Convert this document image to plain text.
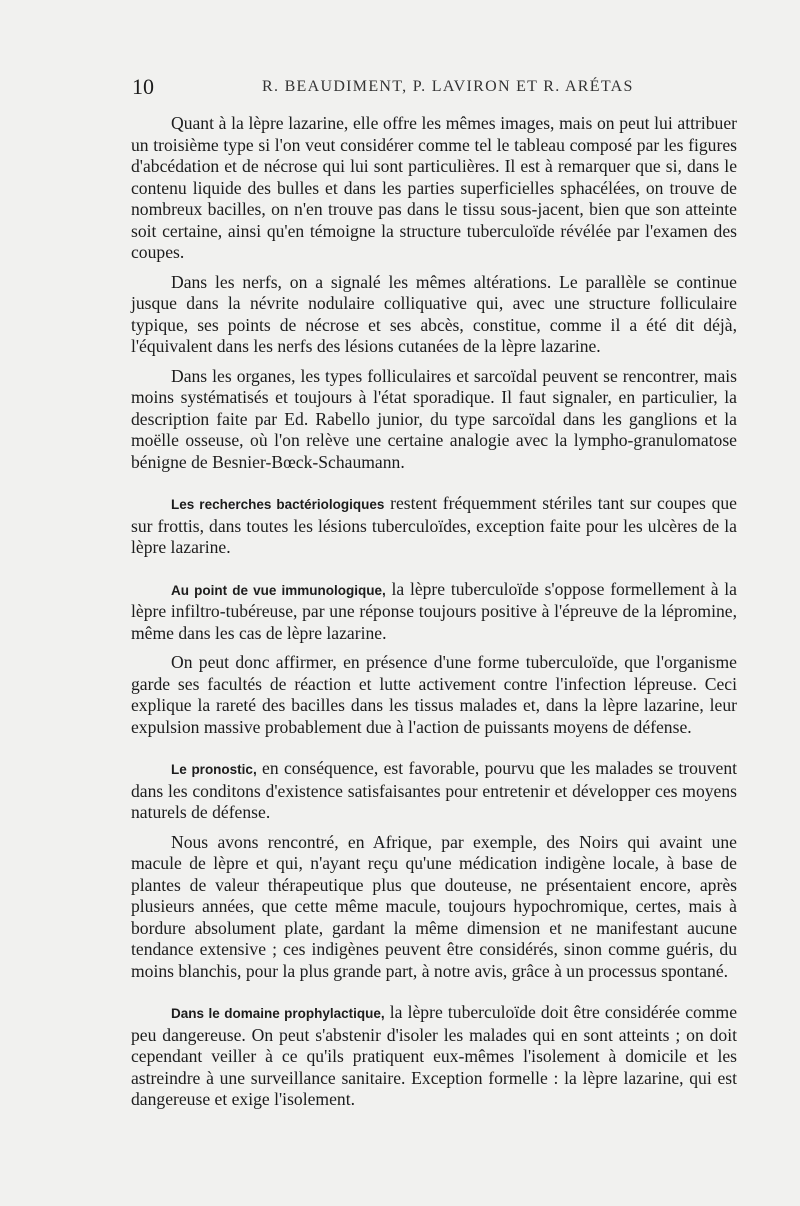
10	R. BEAUDIMENT, P. LAVIRON ET R. ARÉTAS

Quant à la lèpre lazarine, elle offre les mêmes images, mais on peut lui attribuer un troisième type si l'on veut considérer comme tel le tableau composé par les figures d'abcédation et de nécrose qui lui sont particulières. Il est à remarquer que si, dans le contenu liquide des bulles et dans les parties superficielles sphacélées, on trouve de nombreux bacilles, on n'en trouve pas dans le tissu sous-jacent, bien que son atteinte soit certaine, ainsi qu'en témoigne la structure tuberculoïde révélée par l'examen des coupes.

Dans les nerfs, on a signalé les mêmes altérations. Le parallèle se continue jusque dans la névrite nodulaire colliquative qui, avec une structure folliculaire typique, ses points de nécrose et ses abcès, constitue, comme il a été dit déjà, l'équivalent dans les nerfs des lésions cutanées de la lèpre lazarine.

Dans les organes, les types folliculaires et sarcoïdal peuvent se rencontrer, mais moins systématisés et toujours à l'état sporadique. Il faut signaler, en particulier, la description faite par Ed. Rabello junior, du type sarcoïdal dans les ganglions et la moëlle osseuse, où l'on relève une certaine analogie avec la lympho-granulomatose bénigne de Besnier-Bœck-Schaumann.

Les recherches bactériologiques restent fréquemment stériles tant sur coupes que sur frottis, dans toutes les lésions tuberculoïdes, exception faite pour les ulcères de la lèpre lazarine.

Au point de vue immunologique, la lèpre tuberculoïde s'oppose formellement à la lèpre infiltro-tubéreuse, par une réponse toujours positive à l'épreuve de la lépromine, même dans les cas de lèpre lazarine.

On peut donc affirmer, en présence d'une forme tuberculoïde, que l'organisme garde ses facultés de réaction et lutte activement contre l'infection lépreuse. Ceci explique la rareté des bacilles dans les tissus malades et, dans la lèpre lazarine, leur expulsion massive probablement due à l'action de puissants moyens de défense.

Le pronostic, en conséquence, est favorable, pourvu que les malades se trouvent dans les conditons d'existence satisfaisantes pour entretenir et développer ces moyens naturels de défense.

Nous avons rencontré, en Afrique, par exemple, des Noirs qui avaint une macule de lèpre et qui, n'ayant reçu qu'une médication indigène locale, à base de plantes de valeur thérapeutique plus que douteuse, ne présentaient encore, après plusieurs années, que cette même macule, toujours hypochromique, certes, mais à bordure absolument plate, gardant la même dimension et ne manifestant aucune tendance extensive ; ces indigènes peuvent être considérés, sinon comme guéris, du moins blanchis, pour la plus grande part, à notre avis, grâce à un processus spontané.

Dans le domaine prophylactique, la lèpre tuberculoïde doit être considérée comme peu dangereuse. On peut s'abstenir d'isoler les malades qui en sont atteints ; on doit cependant veiller à ce qu'ils pratiquent eux-mêmes l'isolement à domicile et les astreindre à une surveillance sanitaire. Exception formelle : la lèpre lazarine, qui est dangereuse et exige l'isolement.
